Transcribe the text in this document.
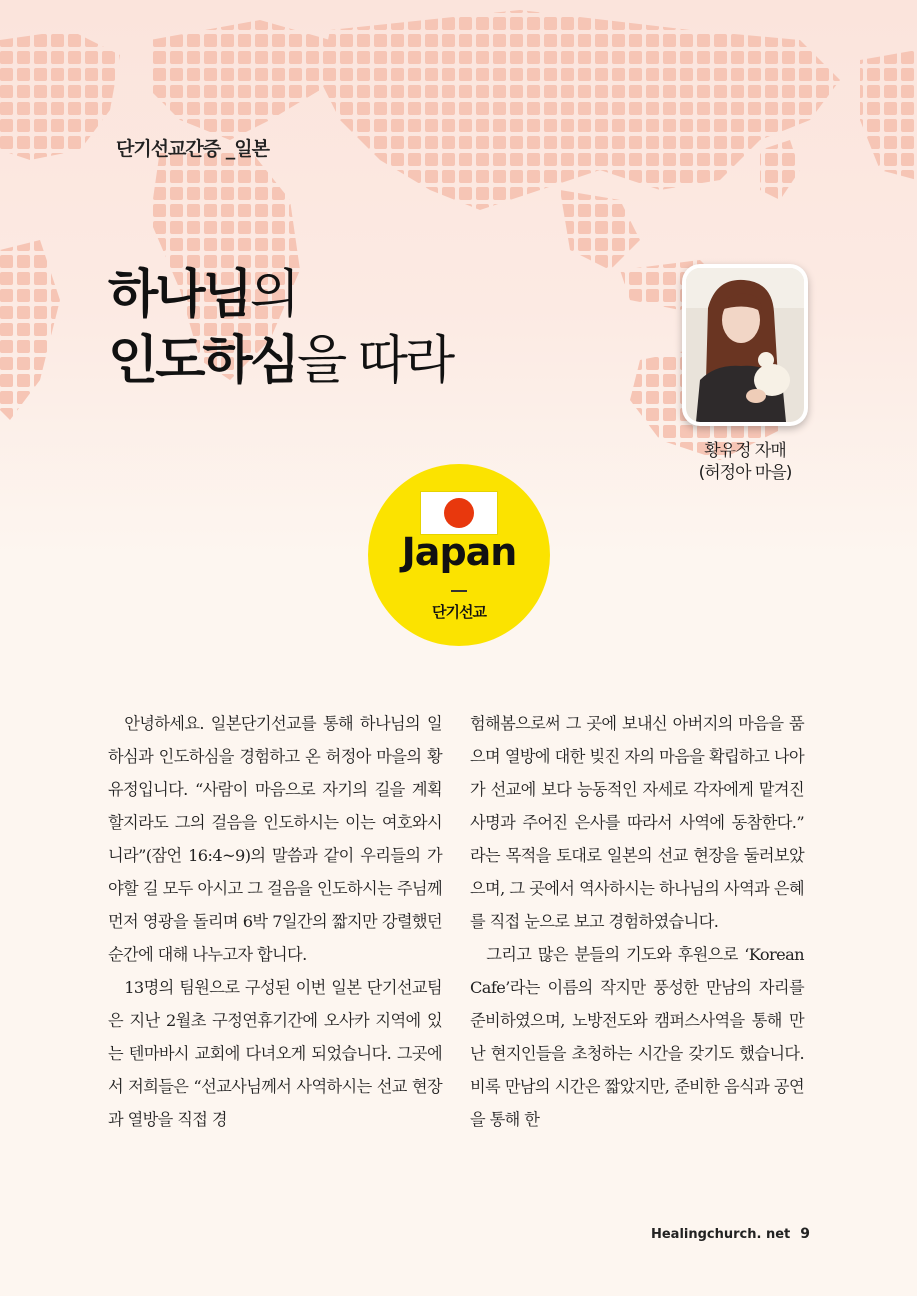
단기선교간증 _일본
하나님의
인도하심을 따라
황유정 자매
(허정아 마을)
Japan
단기선교

안녕하세요. 일본단기선교를 통해 하나님의 일하심과 인도하심을 경험하고 온 허정아 마을의 황유정입니다. “사람이 마음으로 자기의 길을 계획할지라도 그의 걸음을 인도하시는 이는 여호와시니라”(잠언 16:4~9)의 말씀과 같이 우리들의 가야할 길 모두 아시고 그 걸음을 인도하시는 주님께 먼저 영광을 돌리며 6박 7일간의 짧지만 강렬했던 순간에 대해 나누고자 합니다.

13명의 팀원으로 구성된 이번 일본 단기선교팀은 지난 2월초 구정연휴기간에 오사카 지역에 있는 텐마바시 교회에 다녀오게 되었습니다. 그곳에서 저희들은 “선교사님께서 사역하시는 선교 현장과 열방을 직접 경

험해봄으로써 그 곳에 보내신 아버지의 마음을 품으며 열방에 대한 빚진 자의 마음을 확립하고 나아가 선교에 보다 능동적인 자세로 각자에게 맡겨진 사명과 주어진 은사를 따라서 사역에 동참한다.” 라는 목적을 토대로 일본의 선교 현장을 둘러보았으며, 그 곳에서 역사하시는 하나님의 사역과 은혜를 직접 눈으로 보고 경험하였습니다.

그리고 많은 분들의 기도와 후원으로 ‘Korean Cafe’라는 이름의 작지만 풍성한 만남의 자리를 준비하였으며, 노방전도와 캠퍼스사역을 통해 만난 현지인들을 초청하는 시간을 갖기도 했습니다. 비록 만남의 시간은 짧았지만, 준비한 음식과 공연을 통해 한

Healingchurch. net 9
